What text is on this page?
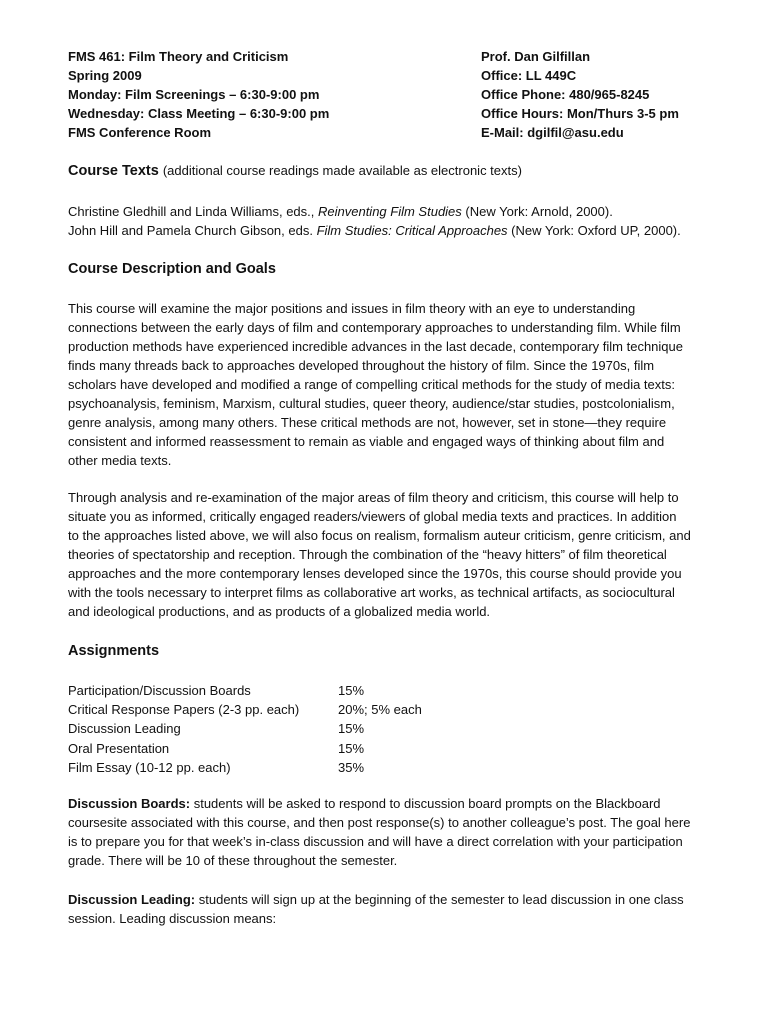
FMS 461: Film Theory and Criticism
Spring 2009
Monday: Film Screenings – 6:30-9:00 pm
Wednesday: Class Meeting – 6:30-9:00 pm
FMS Conference Room
Prof. Dan Gilfillan
Office: LL 449C
Office Phone: 480/965-8245
Office Hours: Mon/Thurs 3-5 pm
E-Mail: dgilfil@asu.edu
Course Texts (additional course readings made available as electronic texts)
Christine Gledhill and Linda Williams, eds., Reinventing Film Studies (New York: Arnold, 2000).
John Hill and Pamela Church Gibson, eds. Film Studies: Critical Approaches (New York: Oxford UP, 2000).
Course Description and Goals
This course will examine the major positions and issues in film theory with an eye to understanding
connections between the early days of film and contemporary approaches to understanding film. While film
production methods have experienced incredible advances in the last decade, contemporary film technique
finds many threads back to approaches developed throughout the history of film. Since the 1970s, film
scholars have developed and modified a range of compelling critical methods for the study of media texts:
psychoanalysis, feminism, Marxism, cultural studies, queer theory, audience/star studies, postcolonialism,
genre analysis, among many others. These critical methods are not, however, set in stone—they require
consistent and informed reassessment to remain as viable and engaged ways of thinking about film and
other media texts.
Through analysis and re-examination of the major areas of film theory and criticism, this course will help to
situate you as informed, critically engaged readers/viewers of global media texts and practices. In addition
to the approaches listed above, we will also focus on realism, formalism auteur criticism, genre criticism, and
theories of spectatorship and reception. Through the combination of the “heavy hitters” of film theoretical
approaches and the more contemporary lenses developed since the 1970s, this course should provide you
with the tools necessary to interpret films as collaborative art works, as technical artifacts, as sociocultural
and ideological productions, and as products of a globalized media world.
Assignments
Participation/Discussion Boards	15%
Critical Response Papers (2-3 pp. each)	20%; 5% each
Discussion Leading	15%
Oral Presentation	15%
Film Essay (10-12 pp. each)	35%
Discussion Boards: students will be asked to respond to discussion board prompts on the Blackboard
coursesite associated with this course, and then post response(s) to another colleague’s post. The goal here
is to prepare you for that week’s in-class discussion and will have a direct correlation with your participation
grade. There will be 10 of these throughout the semester.
Discussion Leading: students will sign up at the beginning of the semester to lead discussion in one class
session. Leading discussion means:
